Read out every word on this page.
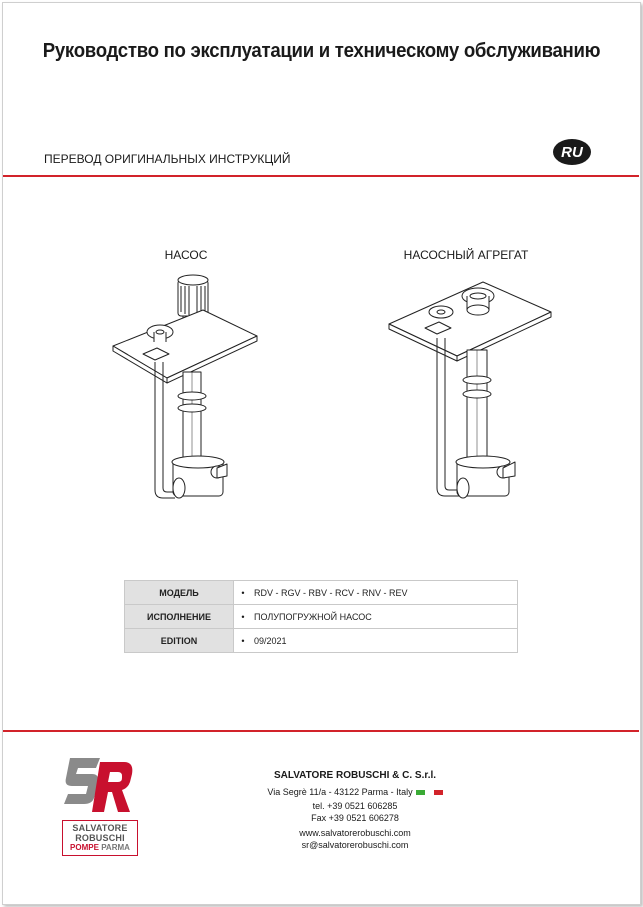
Руководство по эксплуатации и техническому обслуживанию
ПЕРЕВОД ОРИГИНАЛЬНЫХ ИНСТРУКЦИЙ	RU
НАСОС	НАСОСНЫЙ АГРЕГАТ
МОДЕЛЬ	•	RDV - RGV - RBV - RCV - RNV - REV
ИСПОЛНЕНИЕ	•	ПОЛУПОГРУЖНОЙ НАСОС
EDITION	•	09/2021
SALVATORE
ROBUSCHI
POMPE PARMA
SALVATORE ROBUSCHI & C. S.r.l.
Via Segrè 11/a - 43122 Parma - Italy
tel. +39 0521 606285
Fax +39 0521 606278
www.salvatorerobuschi.com
sr@salvatorerobuschi.com
